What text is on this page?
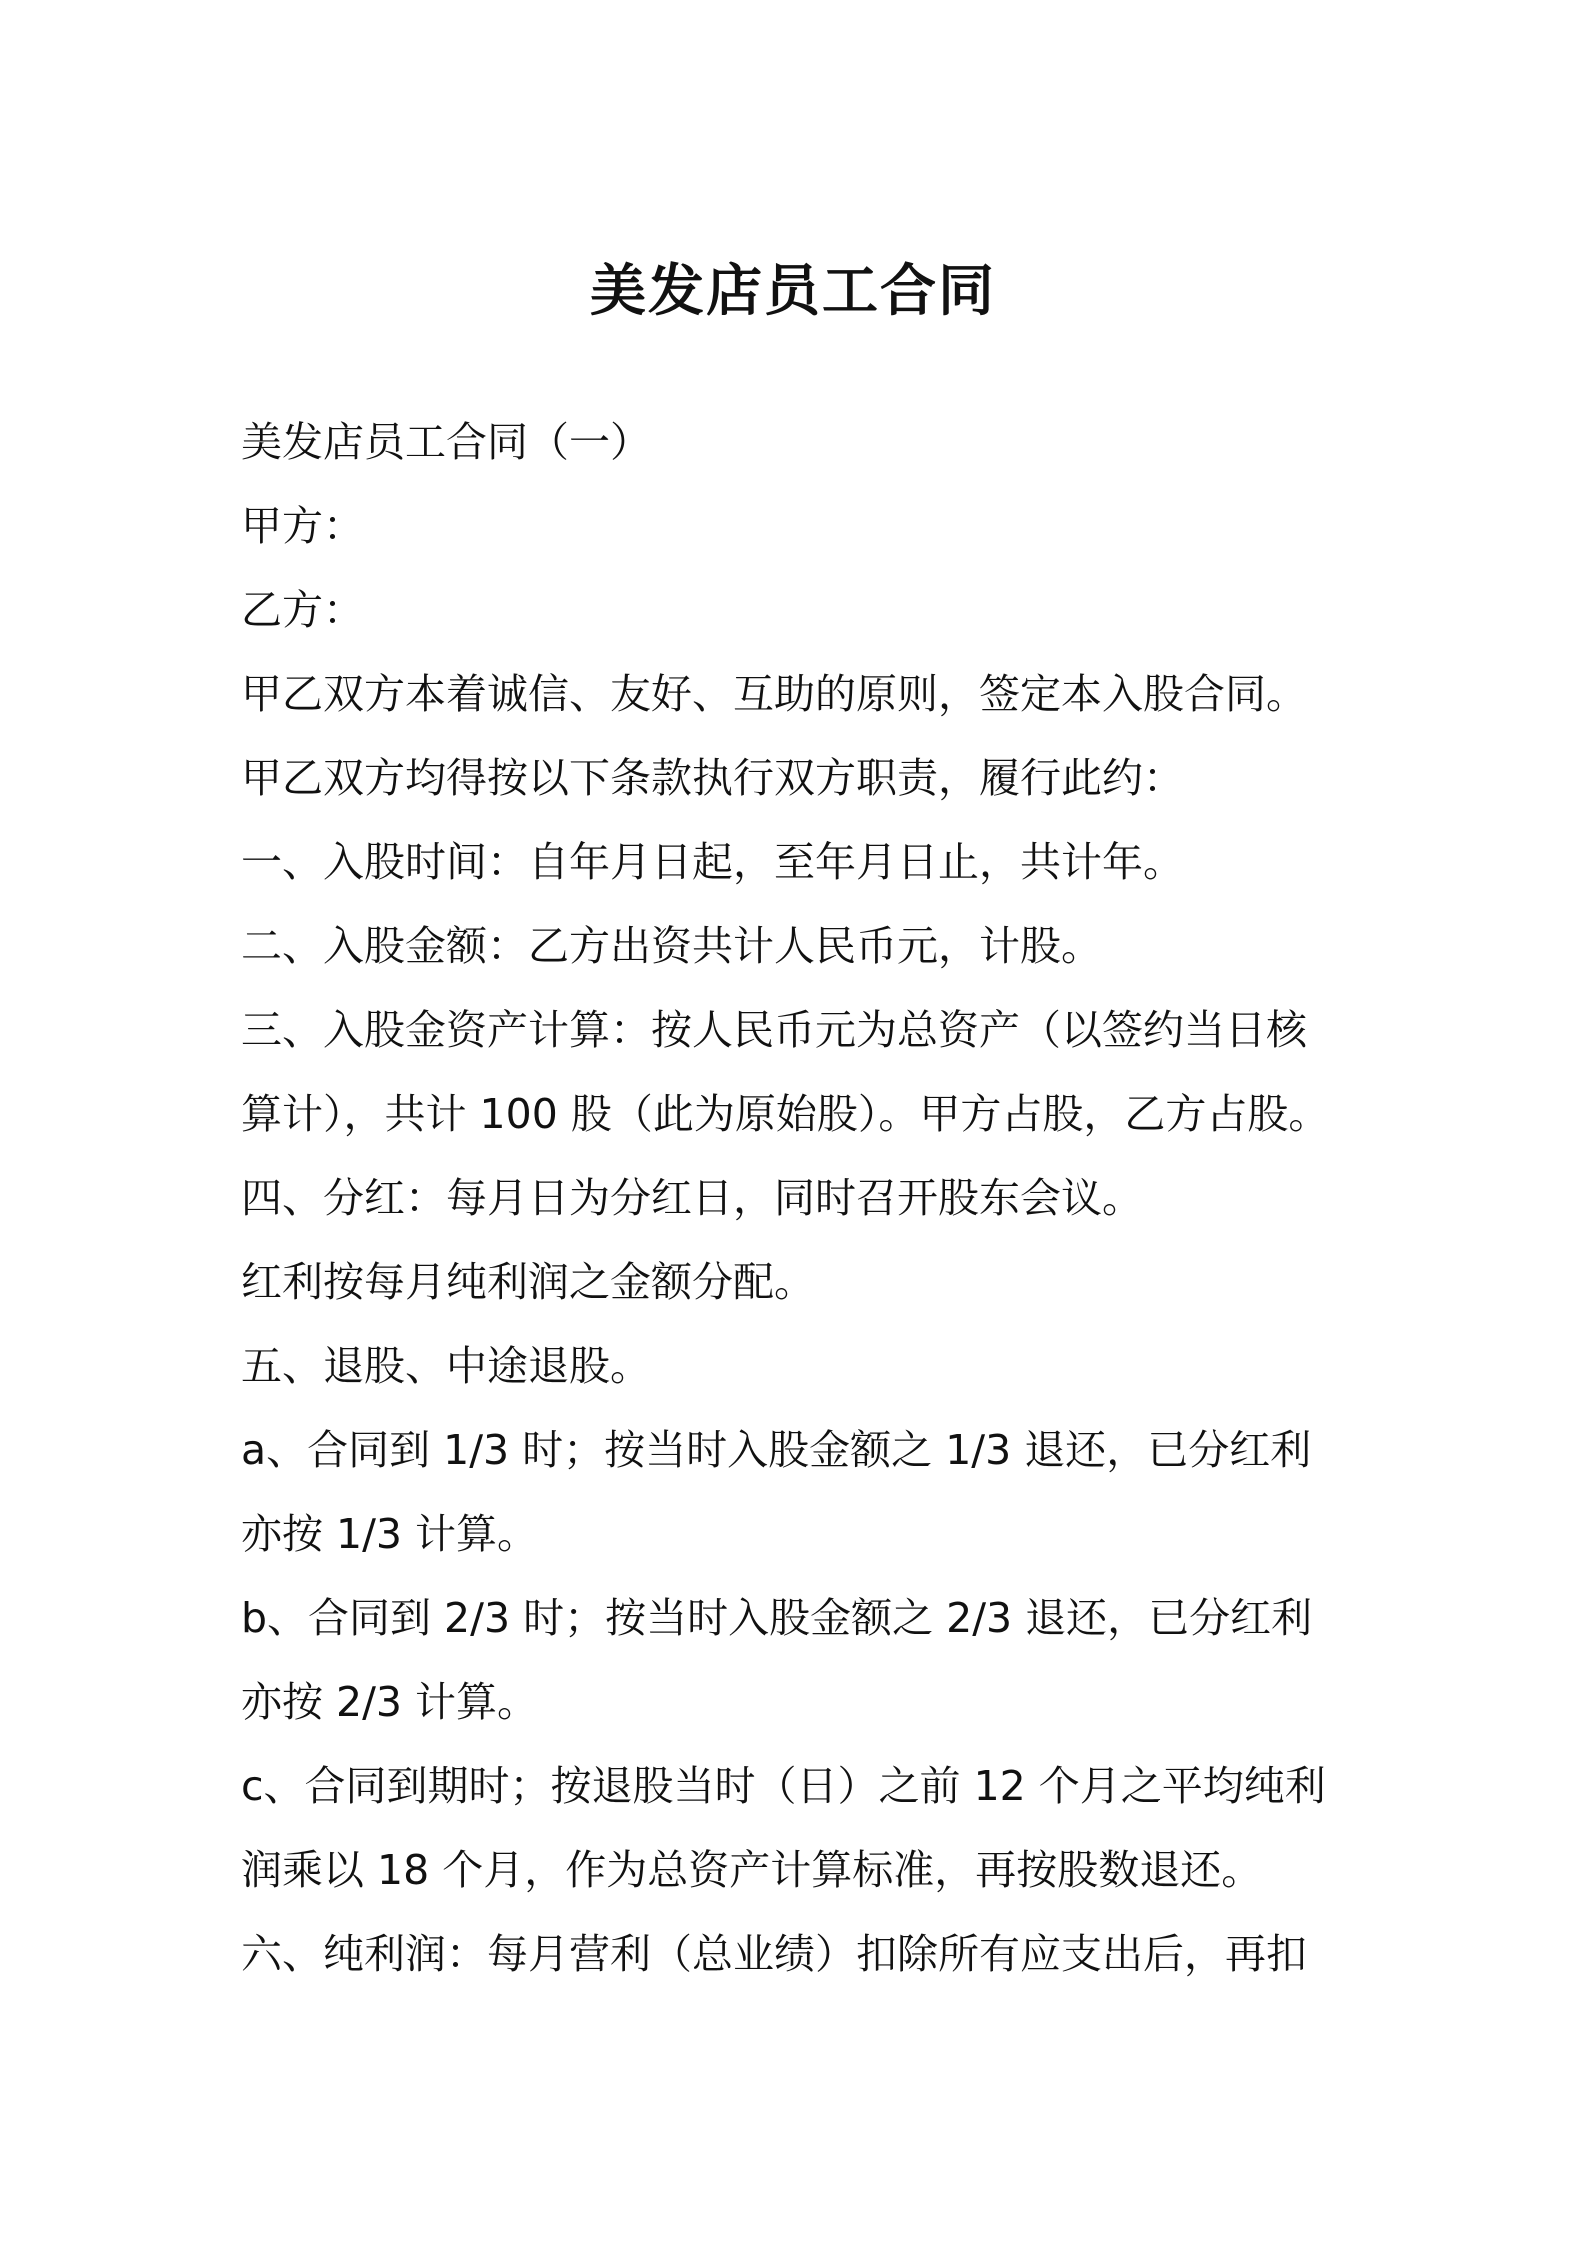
美发店员工合同

美发店员工合同（一）

甲方：

乙方：

甲乙双方本着诚信、友好、互助的原则，签定本入股合同。

甲乙双方均得按以下条款执行双方职责，履行此约：

一、入股时间：自年月日起，至年月日止，共计年。

二、入股金额：乙方出资共计人民币元，计股。

三、入股金资产计算：按人民币元为总资产（以签约当日核

算计），共计 100 股（此为原始股）。甲方占股，乙方占股。

四、分红：每月日为分红日，同时召开股东会议。

红利按每月纯利润之金额分配。

五、退股、中途退股。

a、合同到 1/3 时；按当时入股金额之 1/3 退还，已分红利

亦按 1/3 计算。

b、合同到 2/3 时；按当时入股金额之 2/3 退还，已分红利

亦按 2/3 计算。

c、合同到期时；按退股当时（日）之前 12 个月之平均纯利

润乘以 18 个月，作为总资产计算标准，再按股数退还。

六、纯利润：每月营利（总业绩）扣除所有应支出后，再扣
